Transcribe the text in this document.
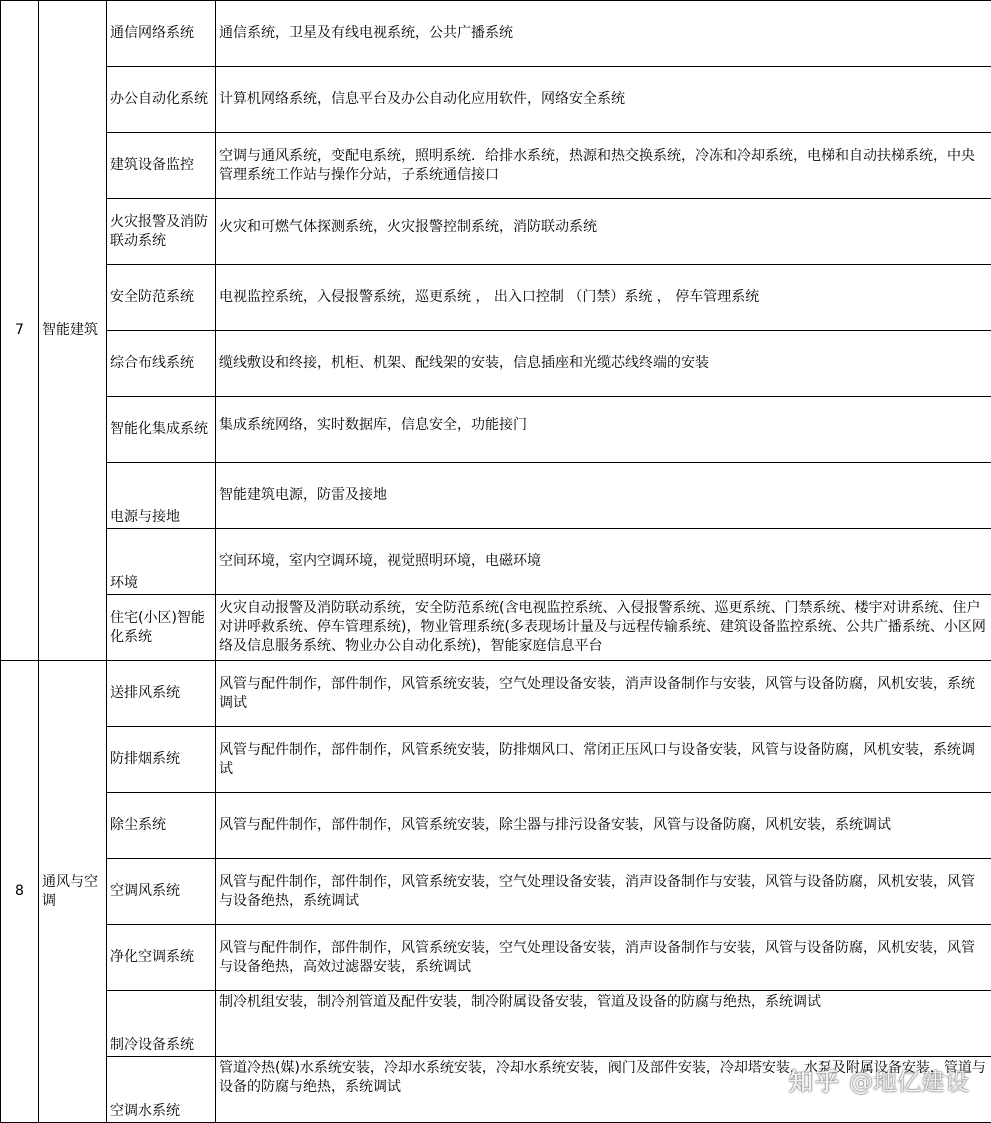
7	智能建筑	通信网络系统	通信系统，卫星及有线电视系统，公共广播系统
		办公自动化系统	计算机网络系统，信息平台及办公自动化应用软件，网络安全系统
		建筑设备监控	空调与通风系统，变配电系统，照明系统．给排水系统，热源和热交换系统，冷冻和冷却系统，电梯和自动扶梯系统，中央管理系统工作站与操作分站，子系统通信接口
		火灾报警及消防联动系统	火灾和可燃气体探测系统，火灾报警控制系统，消防联动系统
		安全防范系统	电视监控系统，入侵报警系统，巡更系统 ， 出入口控制 （门禁）系统 ， 停车管理系统
		综合布线系统	缆线敷设和终接，机柜、机架、配线架的安装，信息插座和光缆芯线终端的安装
		智能化集成系统	集成系统网络，实时数据库，信息安全，功能接门
		电源与接地	智能建筑电源，防雷及接地
		环境	空间环境，室内空调环境，视觉照明环境，电磁环境
		住宅(小区)智能化系统	火灾自动报警及消防联动系统，安全防范系统(含电视监控系统、入侵报警系统、巡更系统、门禁系统、楼宇对讲系统、住户对讲呼救系统、停车管理系统)，物业管理系统(多表现场计量及与远程传输系统、建筑设备监控系统、公共广播系统、小区网络及信息服务系统、物业办公自动化系统)，智能家庭信息平台
8	通风与空调	送排风系统	风管与配件制作，部件制作，风管系统安装，空气处理设备安装，消声设备制作与安装，风管与设备防腐，风机安装，系统调试
		防排烟系统	风管与配件制作，部件制作，风管系统安装，防排烟风口、常闭正压风口与设备安装，风管与设备防腐，风机安装，系统调试
		除尘系统	风管与配件制作，部件制作，风管系统安装，除尘器与排污设备安装，风管与设备防腐，风机安装，系统调试
		空调风系统	风管与配件制作，部件制作，风管系统安装，空气处理设备安装，消声设备制作与安装，风管与设备防腐，风机安装，风管与设备绝热，系统调试
		净化空调系统	风管与配件制作，部件制作，风管系统安装，空气处理设备安装，消声设备制作与安装，风管与设备防腐，风机安装，风管与设备绝热，高效过滤器安装，系统调试
		制冷设备系统	制冷机组安装，制冷剂管道及配件安装，制冷附属设备安装，管道及设备的防腐与绝热，系统调试
		空调水系统	管道冷热(媒)水系统安装，冷却水系统安装，冷却水系统安装，阀门及部件安装，冷却塔安装，水泵及附属设备安装，管道与设备的防腐与绝热，系统调试	知乎 @地亿建设
